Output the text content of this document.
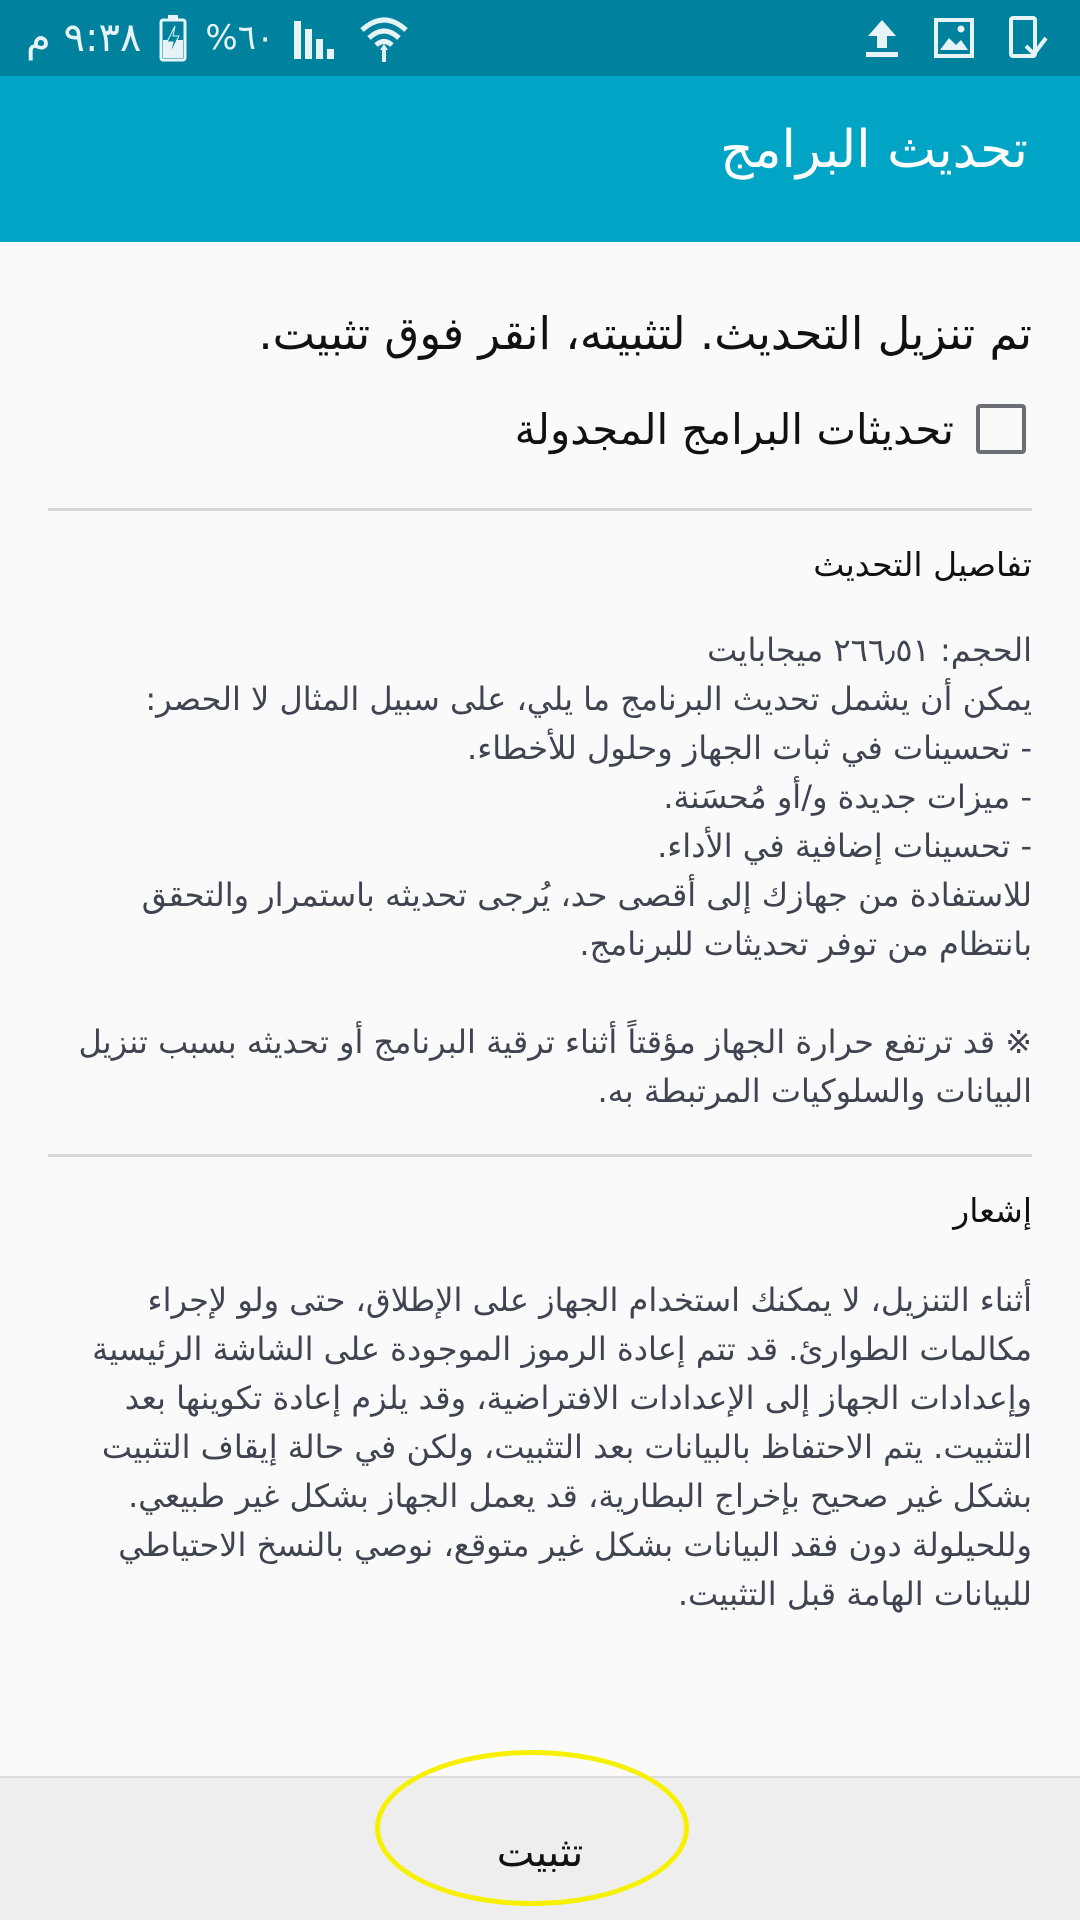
٩:٣٨ م %٦٠
تحديث البرامج
تم تنزيل التحديث. لتثبيته، انقر فوق تثبيت.
تحديثات البرامج المجدولة
تفاصيل التحديث
الحجم: ٢٦٦٫٥١ ميجابايت

يمكن أن يشمل تحديث البرنامج ما يلي، على سبيل المثال لا الحصر:

- تحسينات في ثبات الجهاز وحلول للأخطاء.

- ميزات جديدة و/أو مُحسَنة.

- تحسينات إضافية في الأداء.

للاستفادة من جهازك إلى أقصى حد، يُرجى تحديثه باستمرار والتحقق بانتظام من توفر تحديثات للبرنامج.

※ قد ترتفع حرارة الجهاز مؤقتاً أثناء ترقية البرنامج أو تحديثه بسبب تنزيل البيانات والسلوكيات المرتبطة به.
إشعار
أثناء التنزيل، لا يمكنك استخدام الجهاز على الإطلاق، حتى ولو لإجراء مكالمات الطوارئ. قد تتم إعادة الرموز الموجودة على الشاشة الرئيسية وإعدادات الجهاز إلى الإعدادات الافتراضية، وقد يلزم إعادة تكوينها بعد التثبيت. يتم الاحتفاظ بالبيانات بعد التثبيت، ولكن في حالة إيقاف التثبيت بشكل غير صحيح بإخراج البطارية، قد يعمل الجهاز بشكل غير طبيعي. وللحيلولة دون فقد البيانات بشكل غير متوقع، نوصي بالنسخ الاحتياطي للبيانات الهامة قبل التثبيت.
تثبيت
